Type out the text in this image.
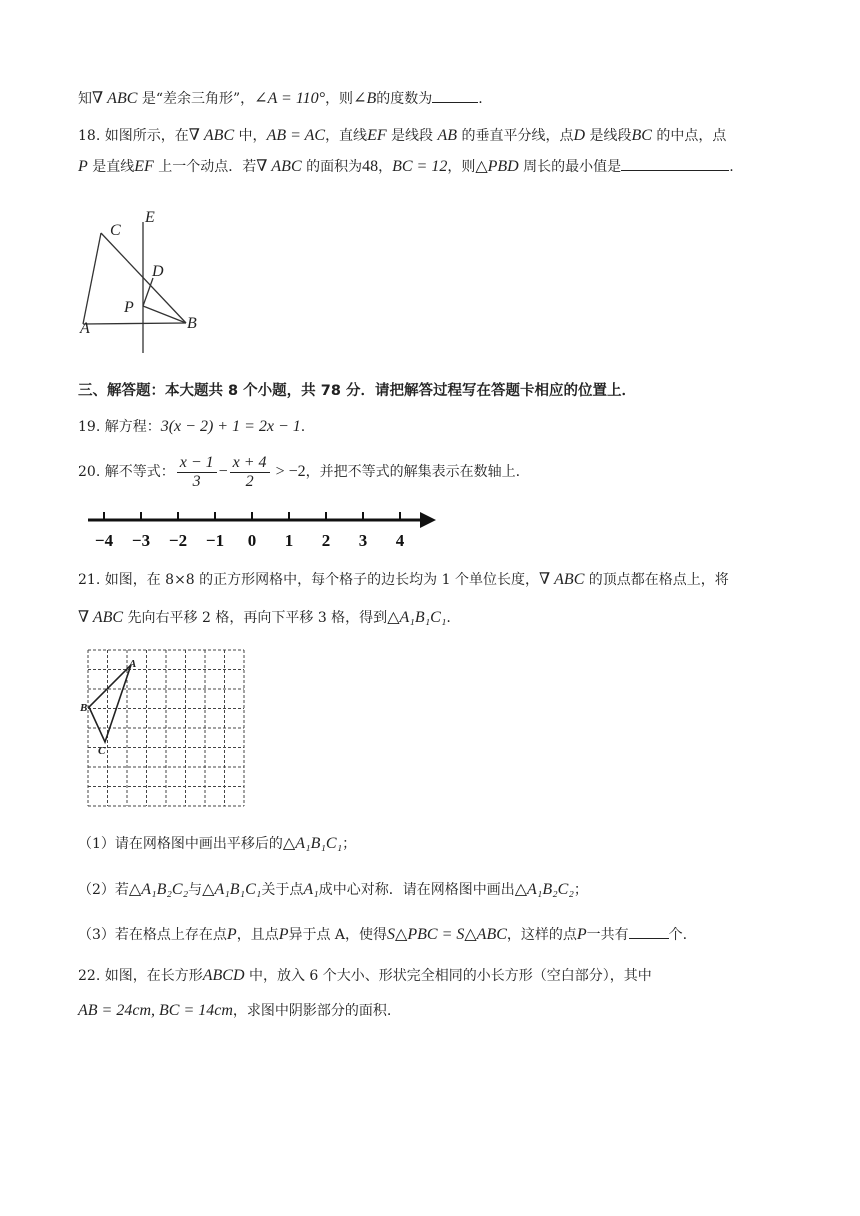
知∇ ABC 是“差余三角形”，∠A = 110°，则∠B的度数为	.
18. 如图所示，在∇ ABC 中，AB = AC，直线EF 是线段 AB 的垂直平分线，点D 是线段BC 的中点，点
P 是直线EF 上一个动点．若∇ ABC 的面积为48，BC = 12，则△PBD 周长的最小值是	.
C
E
D
P
A	B
三、解答题：本大题共 8 个小题，共 78 分．请把解答过程写在答题卡相应的位置上．
19. 解方程：3(x − 2) + 1 = 2x − 1.
20. 解不等式： $\frac{x - 1}{3} - \frac{x + 4}{2} > -2$ ，并把不等式的解集表示在数轴上.
−4 −3 −2 −1 0 1 2 3 4
21. 如图，在 8×8 的正方形网格中，每个格子的边长均为 1 个单位长度，∇ ABC 的顶点都在格点上，将
∇ ABC 先向右平移 2 格，再向下平移 3 格，得到△A₁B₁C₁.
A
B
C
（1）请在网格图中画出平移后的△A₁B₁C₁；
（2）若△A₁B₂C₂与△A₁B₁C₁关于点A₁成中心对称．请在网格图中画出△A₁B₂C₂；
（3）若在格点上存在点P，且点P异于点 A，使得S△PBC = S△ABC，这样的点P一共有	个.
22. 如图，在长方形ABCD 中，放入 6 个大小、形状完全相同的小长方形（空白部分），其中
AB = 24cm, BC = 14cm，求图中阴影部分的面积.
